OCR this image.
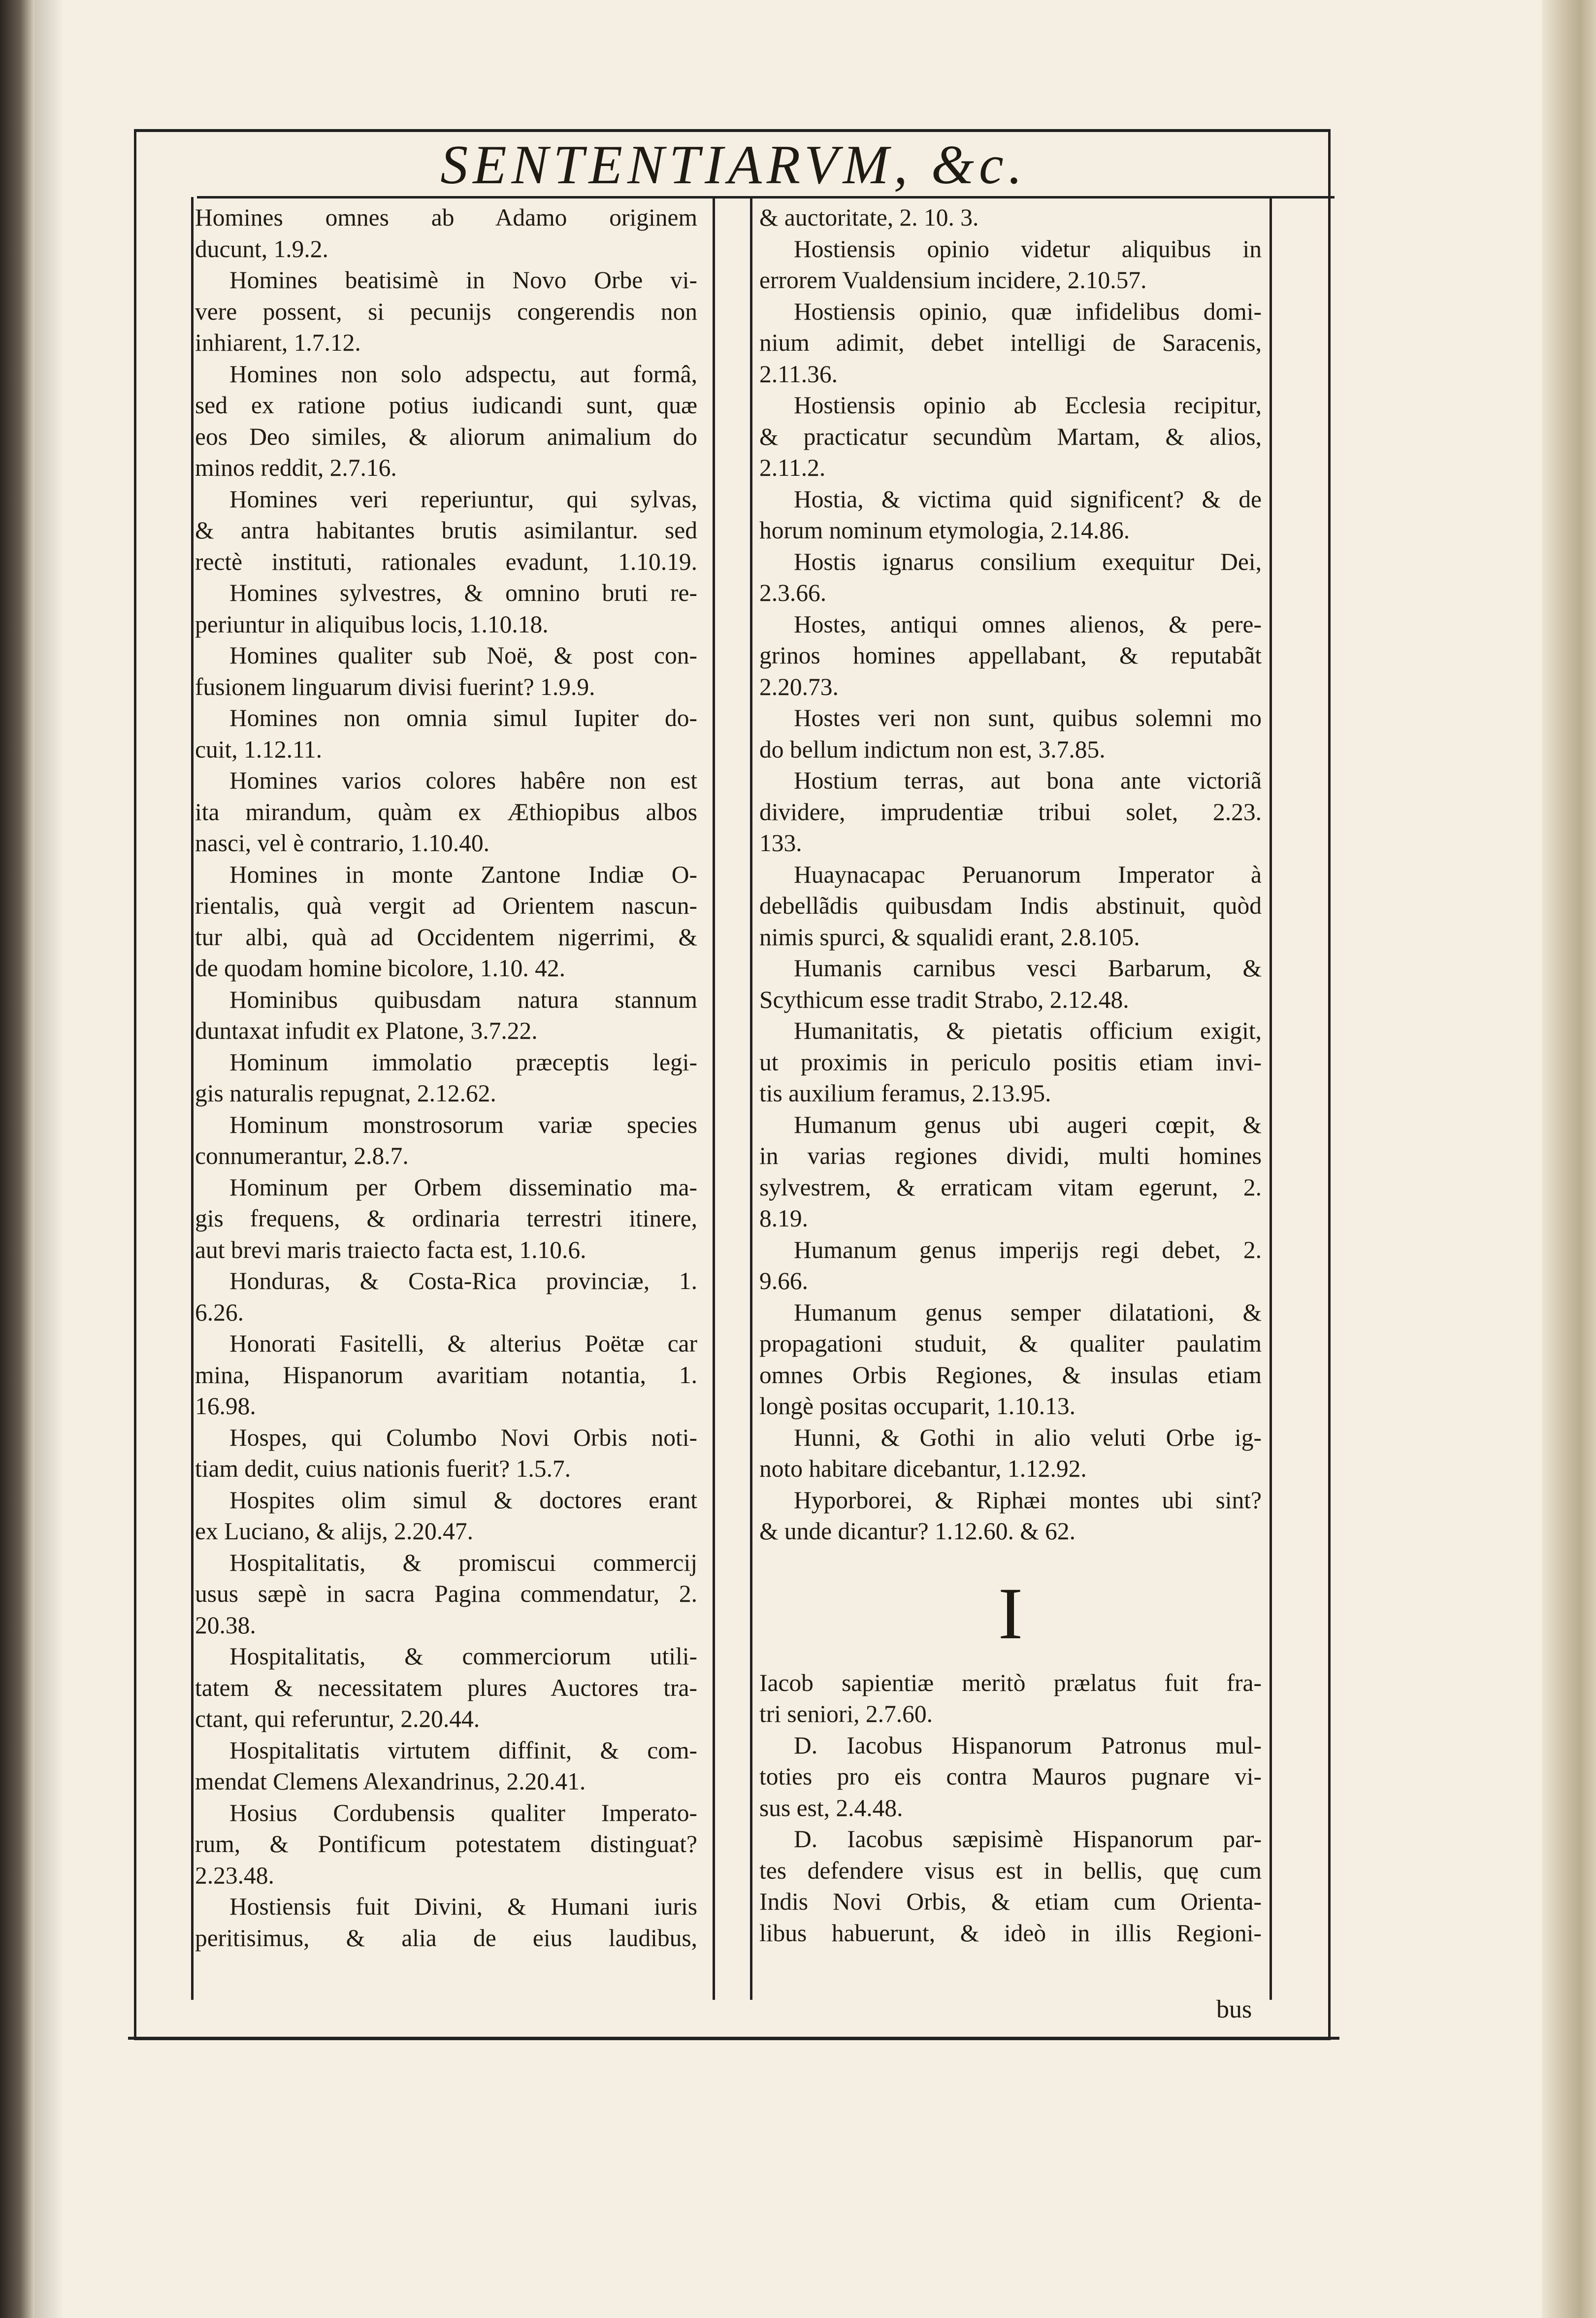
SENTENTIARVM, &c.
Homines omnes ab Adamo originem
ducunt, 1.9.2.
Homines beatisimè in Novo Orbe vi-
vere possent, si pecunijs congerendis non
inhiarent, 1.7.12.
Homines non solo adspectu, aut formâ,
sed ex ratione potius iudicandi sunt, quæ
eos Deo similes, & aliorum animalium do
minos reddit, 2.7.16.
Homines veri reperiuntur, qui sylvas,
& antra habitantes brutis asimilantur. sed
rectè instituti, rationales evadunt, 1.10.19.
Homines sylvestres, & omnino bruti re-
periuntur in aliquibus locis, 1.10.18.
Homines qualiter sub Noë, & post con-
fusionem linguarum divisi fuerint? 1.9.9.
Homines non omnia simul Iupiter do-
cuit, 1.12.11.
Homines varios colores habêre non est
ita mirandum, quàm ex Æthiopibus albos
nasci, vel è contrario, 1.10.40.
Homines in monte Zantone Indiæ O-
rientalis, quà vergit ad Orientem nascun-
tur albi, quà ad Occidentem nigerrimi, &
de quodam homine bicolore, 1.10. 42.
Hominibus quibusdam natura stannum
duntaxat infudit ex Platone, 3.7.22.
Hominum immolatio præceptis legi-
gis naturalis repugnat, 2.12.62.
Hominum monstrosorum variæ species
connumerantur, 2.8.7.
Hominum per Orbem disseminatio ma-
gis frequens, & ordinaria terrestri itinere,
aut brevi maris traiecto facta est, 1.10.6.
Honduras, & Costa-Rica provinciæ, 1.
6.26.
Honorati Fasitelli, & alterius Poëtæ car
mina, Hispanorum avaritiam notantia, 1.
16.98.
Hospes, qui Columbo Novi Orbis noti-
tiam dedit, cuius nationis fuerit? 1.5.7.
Hospites olim simul & doctores erant
ex Luciano, & alijs, 2.20.47.
Hospitalitatis, & promiscui commercij
usus sæpè in sacra Pagina commendatur, 2.
20.38.
Hospitalitatis, & commerciorum utili-
tatem & necessitatem plures Auctores tra-
ctant, qui referuntur, 2.20.44.
Hospitalitatis virtutem diffinit, & com-
mendat Clemens Alexandrinus, 2.20.41.
Hosius Cordubensis qualiter Imperato-
rum, & Pontificum potestatem distinguat?
2.23.48.
Hostiensis fuit Divini, & Humani iuris
peritisimus, & alia de eius laudibus,
& auctoritate, 2. 10. 3.
Hostiensis opinio videtur aliquibus in
errorem Vualdensium incidere, 2.10.57.
Hostiensis opinio, quæ infidelibus domi-
nium adimit, debet intelligi de Saracenis,
2.11.36.
Hostiensis opinio ab Ecclesia recipitur,
& practicatur secundùm Martam, & alios,
2.11.2.
Hostia, & victima quid significent? & de
horum nominum etymologia, 2.14.86.
Hostis ignarus consilium exequitur Dei,
2.3.66.
Hostes, antiqui omnes alienos, & pere-
grinos homines appellabant, & reputabãt
2.20.73.
Hostes veri non sunt, quibus solemni mo
do bellum indictum non est, 3.7.85.
Hostium terras, aut bona ante victoriã
dividere, imprudentiæ tribui solet, 2.23.
133.
Huaynacapac Peruanorum Imperator à
debellãdis quibusdam Indis abstinuit, quòd
nimis spurci, & squalidi erant, 2.8.105.
Humanis carnibus vesci Barbarum, &
Scythicum esse tradit Strabo, 2.12.48.
Humanitatis, & pietatis officium exigit,
ut proximis in periculo positis etiam invi-
tis auxilium feramus, 2.13.95.
Humanum genus ubi augeri cœpit, &
in varias regiones dividi, multi homines
sylvestrem, & erraticam vitam egerunt, 2.
8.19.
Humanum genus imperijs regi debet, 2.
9.66.
Humanum genus semper dilatationi, &
propagationi studuit, & qualiter paulatim
omnes Orbis Regiones, & insulas etiam
longè positas occuparit, 1.10.13.
Hunni, & Gothi in alio veluti Orbe ig-
noto habitare dicebantur, 1.12.92.
Hyporborei, & Riphæi montes ubi sint?
& unde dicantur? 1.12.60. & 62.
I
Iacob sapientiæ meritò prælatus fuit fra-
tri seniori, 2.7.60.
D. Iacobus Hispanorum Patronus mul-
toties pro eis contra Mauros pugnare vi-
sus est, 2.4.48.
D. Iacobus sæpisimè Hispanorum par-
tes defendere visus est in bellis, quę cum
Indis Novi Orbis, & etiam cum Orienta-
libus habuerunt, & ideò in illis Regioni-
bus
